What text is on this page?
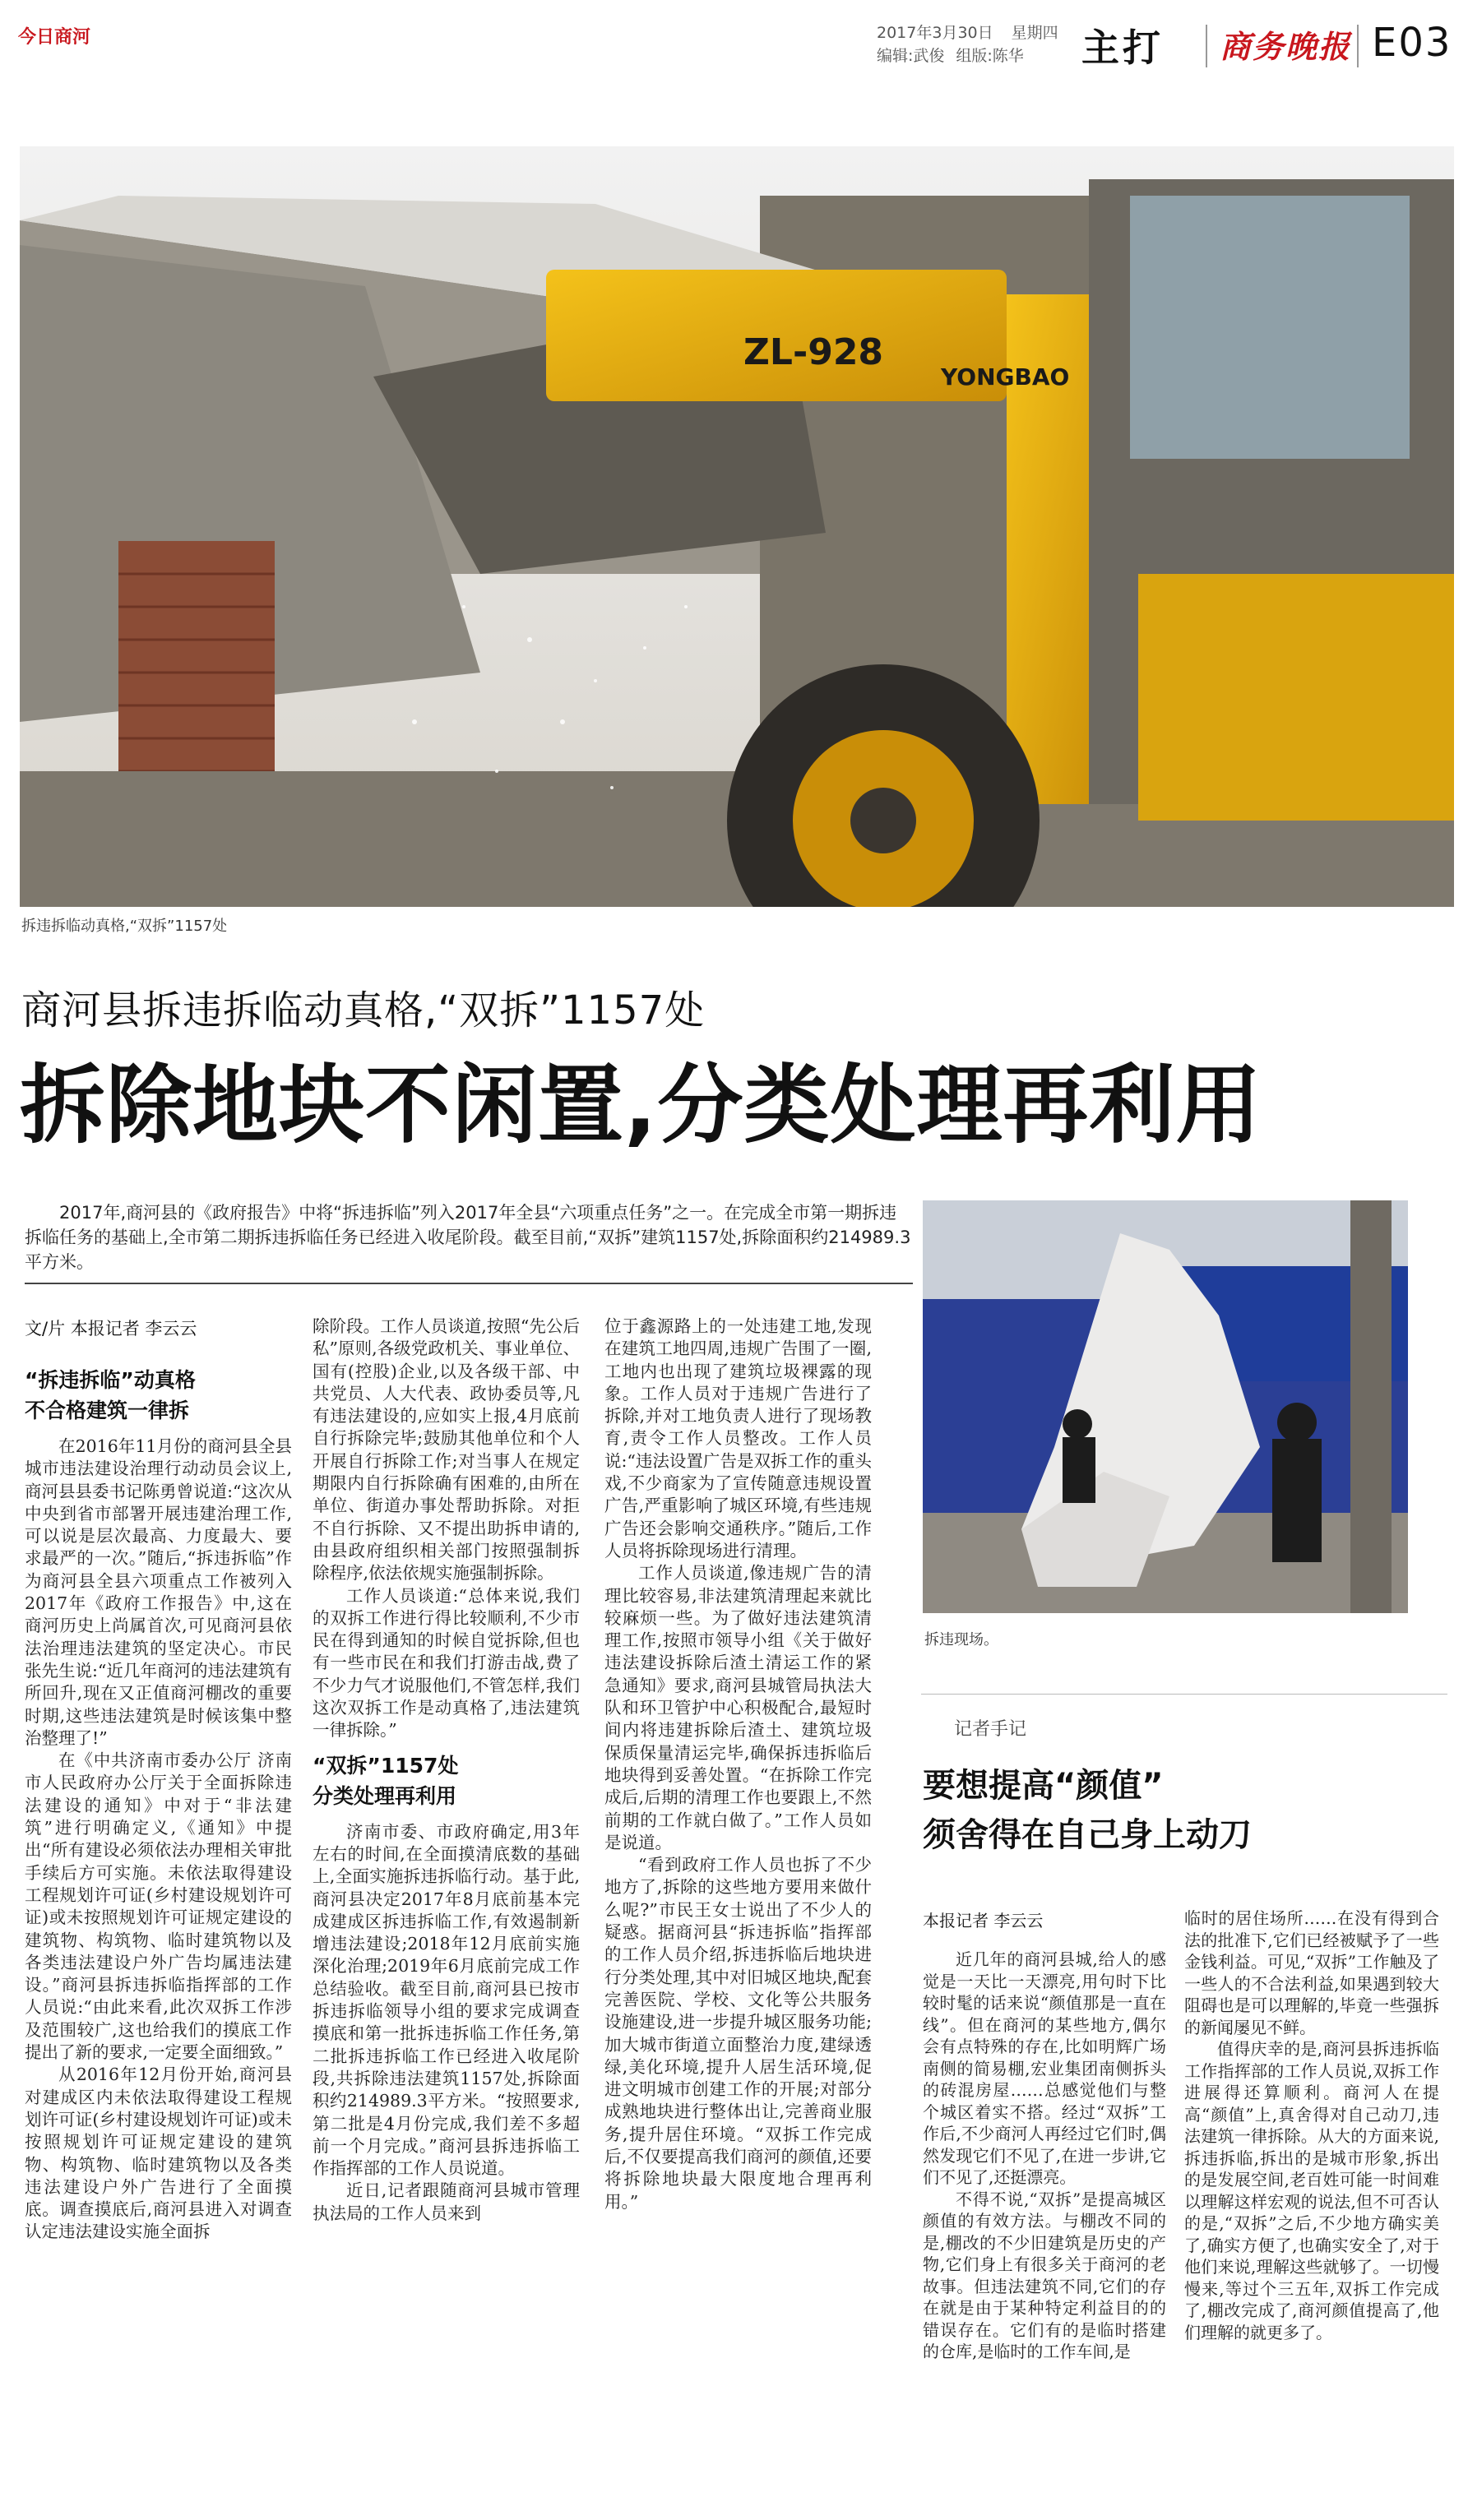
今日商河	2017年3月30日 星期四
编辑:武俊 组版:陈华	主打 商务晚报 E03
ZL-928
YONGBAO
拆违拆临动真格,“双拆”1157处
商河县拆违拆临动真格,“双拆”1157处
拆除地块不闲置,分类处理再利用
2017年,商河县的《政府报告》中将“拆违拆临”列入2017年全县“六项重点任务”之一。在完成全市第一期拆违拆临任务的基础上,全市第二期拆违拆临任务已经进入收尾阶段。截至目前,“双拆”建筑1157处,拆除面积约214989.3平方米。
文/片 本报记者 李云云
“拆违拆临”动真格
不合格建筑一律拆

在2016年11月份的商河县全县城市违法建设治理行动动员会议上,商河县县委书记陈勇曾说道:“这次从中央到省市部署开展违建治理工作,可以说是层次最高、力度最大、要求最严的一次。”随后,“拆违拆临”作为商河县全县六项重点工作被列入2017年《政府工作报告》中,这在商河历史上尚属首次,可见商河县依法治理违法建筑的坚定决心。市民张先生说:“近几年商河的违法建筑有所回升,现在又正值商河棚改的重要时期,这些违法建筑是时候该集中整治整理了!”

在《中共济南市委办公厅 济南市人民政府办公厅关于全面拆除违法建设的通知》中对于“非法建筑”进行明确定义,《通知》中提出“所有建设必须依法办理相关审批手续后方可实施。未依法取得建设工程规划许可证(乡村建设规划许可证)或未按照规划许可证规定建设的建筑物、构筑物、临时建筑物以及各类违法建设户外广告均属违法建设。”商河县拆违拆临指挥部的工作人员说:“由此来看,此次双拆工作涉及范围较广,这也给我们的摸底工作提出了新的要求,一定要全面细致。”

从2016年12月份开始,商河县对建成区内未依法取得建设工程规划许可证(乡村建设规划许可证)或未按照规划许可证规定建设的建筑物、构筑物、临时建筑物以及各类违法建设户外广告进行了全面摸底。调查摸底后,商河县进入对调查认定违法建设实施全面拆

除阶段。工作人员谈道,按照“先公后私”原则,各级党政机关、事业单位、国有(控股)企业,以及各级干部、中共党员、人大代表、政协委员等,凡有违法建设的,应如实上报,4月底前自行拆除完毕;鼓励其他单位和个人开展自行拆除工作;对当事人在规定期限内自行拆除确有困难的,由所在单位、街道办事处帮助拆除。对拒不自行拆除、又不提出助拆申请的,由县政府组织相关部门按照强制拆除程序,依法依规实施强制拆除。

工作人员谈道:“总体来说,我们的双拆工作进行得比较顺利,不少市民在得到通知的时候自觉拆除,但也有一些市民在和我们打游击战,费了不少力气才说服他们,不管怎样,我们这次双拆工作是动真格了,违法建筑一律拆除。”

“双拆”1157处
分类处理再利用

济南市委、市政府确定,用3年左右的时间,在全面摸清底数的基础上,全面实施拆违拆临行动。基于此,商河县决定2017年8月底前基本完成建成区拆违拆临工作,有效遏制新增违法建设;2018年12月底前实施深化治理;2019年6月底前完成工作总结验收。截至目前,商河县已按市拆违拆临领导小组的要求完成调查摸底和第一批拆违拆临工作任务,第二批拆违拆临工作已经进入收尾阶段,共拆除违法建筑1157处,拆除面积约214989.3平方米。“按照要求,第二批是4月份完成,我们差不多超前一个月完成。”商河县拆违拆临工作指挥部的工作人员说道。

近日,记者跟随商河县城市管理执法局的工作人员来到

位于鑫源路上的一处违建工地,发现在建筑工地四周,违规广告围了一圈,工地内也出现了建筑垃圾裸露的现象。工作人员对于违规广告进行了拆除,并对工地负责人进行了现场教育,责令工作人员整改。工作人员说:“违法设置广告是双拆工作的重头戏,不少商家为了宣传随意违规设置广告,严重影响了城区环境,有些违规广告还会影响交通秩序。”随后,工作人员将拆除现场进行清理。

工作人员谈道,像违规广告的清理比较容易,非法建筑清理起来就比较麻烦一些。为了做好违法建筑清理工作,按照市领导小组《关于做好违法建设拆除后渣土清运工作的紧急通知》要求,商河县城管局执法大队和环卫管护中心积极配合,最短时间内将违建拆除后渣土、建筑垃圾保质保量清运完毕,确保拆违拆临后地块得到妥善处置。“在拆除工作完成后,后期的清理工作也要跟上,不然前期的工作就白做了。”工作人员如是说道。

“看到政府工作人员也拆了不少地方了,拆除的这些地方要用来做什么呢?”市民王女士说出了不少人的疑惑。据商河县“拆违拆临”指挥部的工作人员介绍,拆违拆临后地块进行分类处理,其中对旧城区地块,配套完善医院、学校、文化等公共服务设施建设,进一步提升城区服务功能;加大城市街道立面整治力度,建绿透绿,美化环境,提升人居生活环境,促进文明城市创建工作的开展;对部分成熟地块进行整体出让,完善商业服务,提升居住环境。“双拆工作完成后,不仅要提高我们商河的颜值,还要将拆除地块最大限度地合理再利用。”

拆违现场。
记者手记
要想提高“颜值”
须舍得在自己身上动刀
本报记者 李云云

近几年的商河县城,给人的感觉是一天比一天漂亮,用句时下比较时髦的话来说“颜值那是一直在线”。但在商河的某些地方,偶尔会有点特殊的存在,比如明辉广场南侧的简易棚,宏业集团南侧拆头的砖混房屋……总感觉他们与整个城区着实不搭。经过“双拆”工作后,不少商河人再经过它们时,偶然发现它们不见了,在进一步讲,它们不见了,还挺漂亮。

不得不说,“双拆”是提高城区颜值的有效方法。与棚改不同的是,棚改的不少旧建筑是历史的产物,它们身上有很多关于商河的老故事。但违法建筑不同,它们的存在就是由于某种特定利益目的的错误存在。它们有的是临时搭建的仓库,是临时的工作车间,是

临时的居住场所……在没有得到合法的批准下,它们已经被赋予了一些金钱利益。可见,“双拆”工作触及了一些人的不合法利益,如果遇到较大阻碍也是可以理解的,毕竟一些强拆的新闻屡见不鲜。

值得庆幸的是,商河县拆违拆临工作指挥部的工作人员说,双拆工作进展得还算顺利。商河人在提高“颜值”上,真舍得对自己动刀,违法建筑一律拆除。从大的方面来说,拆违拆临,拆出的是城市形象,拆出的是发展空间,老百姓可能一时间难以理解这样宏观的说法,但不可否认的是,“双拆”之后,不少地方确实美了,确实方便了,也确实安全了,对于他们来说,理解这些就够了。一切慢慢来,等过个三五年,双拆工作完成了,棚改完成了,商河颜值提高了,他们理解的就更多了。
